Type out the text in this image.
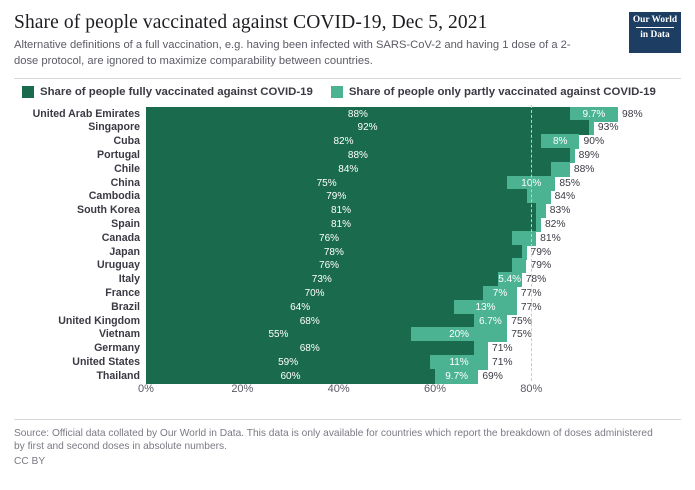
Share of people vaccinated against COVID-19, Dec 5, 2021
Alternative definitions of a full vaccination, e.g. having been infected with SARS-CoV-2 and having 1 dose of a 2-dose protocol, are ignored to maximize comparability between countries.
Our World
in Data
Share of people fully vaccinated against COVID-19	Share of people only partly vaccinated against COVID-19
United Arab Emirates
Singapore
Cuba
Portugal
Chile
China
Cambodia
South Korea
Spain
Canada
Japan
Uruguay
Italy
France
Brazil
United Kingdom
Vietnam
Germany
United States
Thailand
88%	9.7%	98%
92%	93%
82%	8%	90%
88%	89%
84%	88%
75%	10%	85%
79%	84%
81%	83%
81%	82%
76%	81%
78%	79%
76%	79%
73%	5.4% 78%
70%	7%	77%
64%	13%	77%
68%	6.7% 75%
55%	20%	75%
68%	71%
59%	11%	71%
60%	9.7%	69%
0%	20%	40%	60%	80%
Source: Official data collated by Our World in Data. This data is only available for countries which report the breakdown of doses administered by first and second doses in absolute numbers.
CC BY
